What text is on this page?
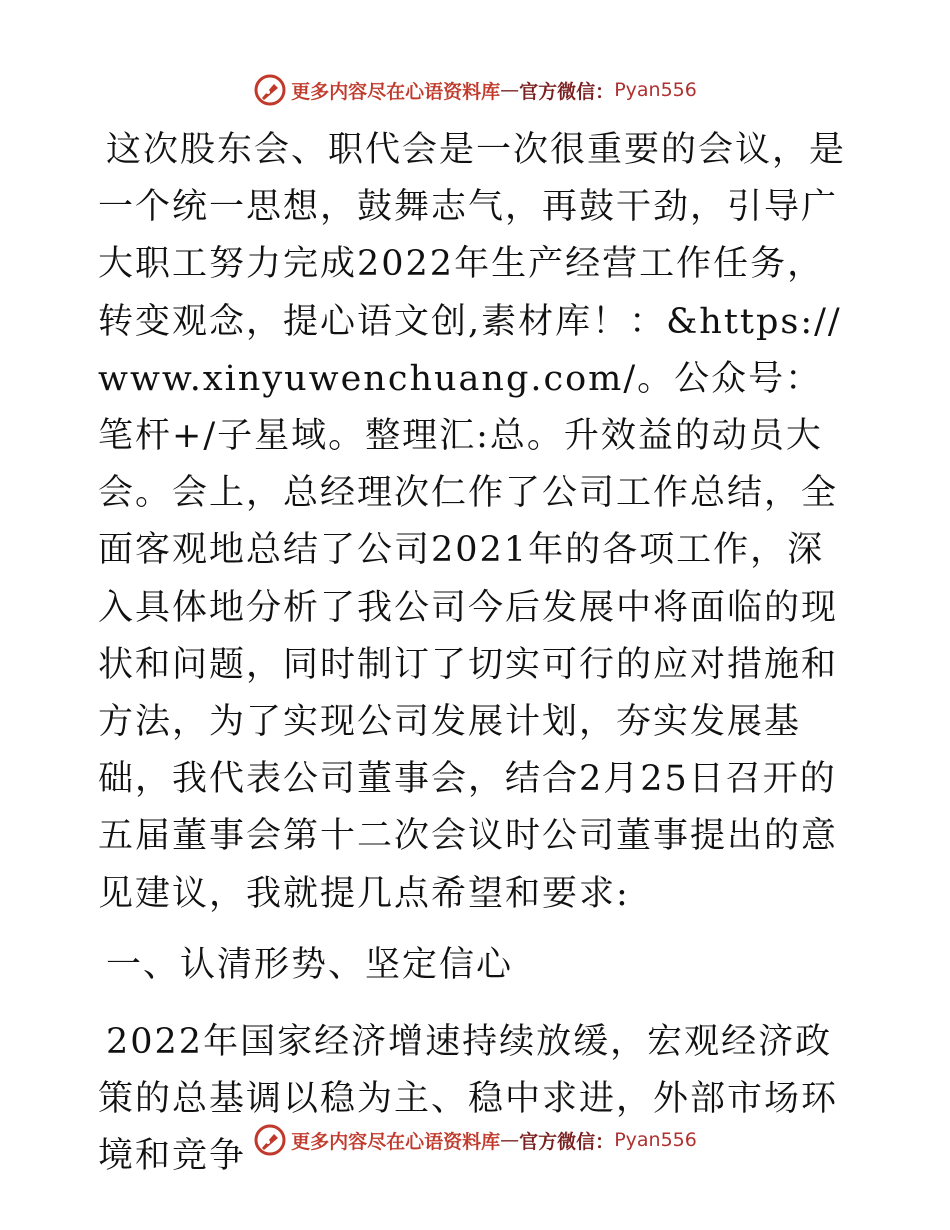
更多内容尽在心语资料库 — 官方微信： Pyan556

这次股东会、职代会是一次很重要的会议，是一个统一思想，鼓舞志气，再鼓干劲，引导广大职工努力完成2022年生产经营工作任务，转变观念，提心语文创,素材库！：&https://www.xinyuwenchuang.com/。公众号：笔杆+/子星域。整理汇:总。升效益的动员大会。会上，总经理次仁作了公司工作总结，全面客观地总结了公司2021年的各项工作，深入具体地分析了我公司今后发展中将面临的现状和问题，同时制订了切实可行的应对措施和方法，为了实现公司发展计划，夯实发展基础，我代表公司董事会，结合2月25日召开的五届董事会第十二次会议时公司董事提出的意见建议，我就提几点希望和要求:

一、认清形势、坚定信心

2022年国家经济增速持续放缓，宏观经济政策的总基调以稳为主、稳中求进，外部市场环境和竞争	更多内容尽在心语资料库 — 官方微信： Pyan556
